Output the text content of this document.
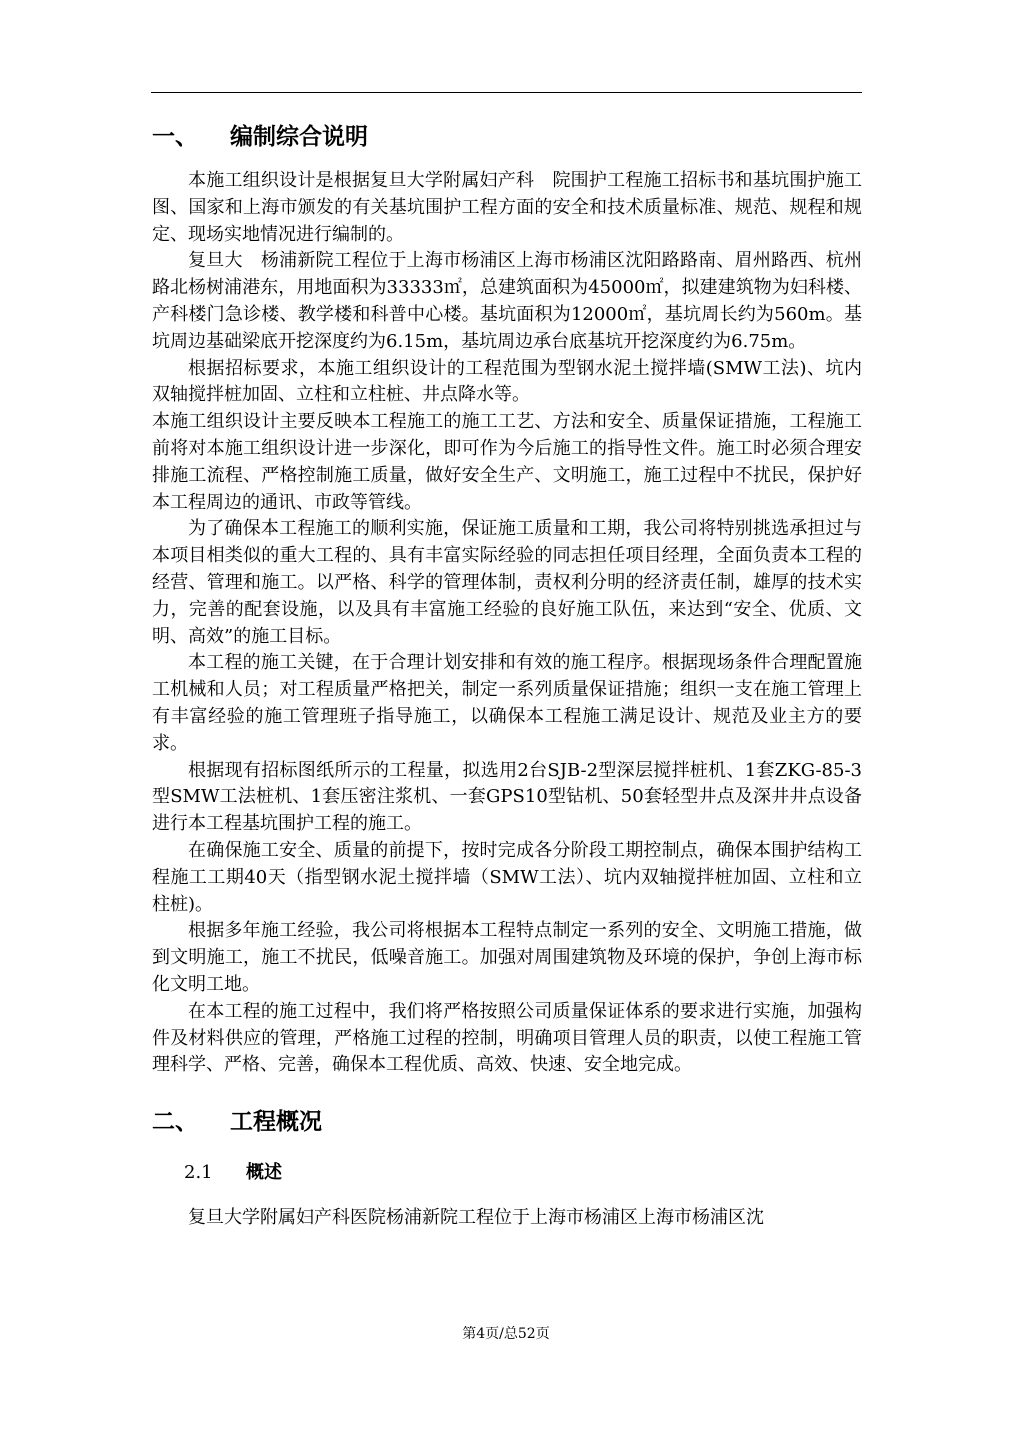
一、 编制综合说明

本施工组织设计是根据复旦大学附属妇产科　院围护工程施工招标书和基坑围护施工图、国家和上海市颁发的有关基坑围护工程方面的安全和技术质量标准、规范、规程和规定、现场实地情况进行编制的。

复旦大　杨浦新院工程位于上海市杨浦区上海市杨浦区沈阳路路南、眉州路西、杭州路北杨树浦港东，用地面积为33333㎡，总建筑面积为45000㎡，拟建建筑物为妇科楼、产科楼门急诊楼、教学楼和科普中心楼。基坑面积为12000㎡，基坑周长约为560m。基坑周边基础梁底开挖深度约为6.15m，基坑周边承台底基坑开挖深度约为6.75m。

根据招标要求，本施工组织设计的工程范围为型钢水泥土搅拌墙(SMW工法)、坑内双轴搅拌桩加固、立柱和立柱桩、井点降水等。

本施工组织设计主要反映本工程施工的施工工艺、方法和安全、质量保证措施，工程施工前将对本施工组织设计进一步深化，即可作为今后施工的指导性文件。施工时必须合理安排施工流程、严格控制施工质量，做好安全生产、文明施工，施工过程中不扰民，保护好本工程周边的通讯、市政等管线。

为了确保本工程施工的顺利实施，保证施工质量和工期，我公司将特别挑选承担过与本项目相类似的重大工程的、具有丰富实际经验的同志担任项目经理，全面负责本工程的经营、管理和施工。以严格、科学的管理体制，责权利分明的经济责任制，雄厚的技术实力，完善的配套设施，以及具有丰富施工经验的良好施工队伍，来达到“安全、优质、文明、高效”的施工目标。

本工程的施工关键，在于合理计划安排和有效的施工程序。根据现场条件合理配置施工机械和人员；对工程质量严格把关，制定一系列质量保证措施；组织一支在施工管理上有丰富经验的施工管理班子指导施工，以确保本工程施工满足设计、规范及业主方的要求。

根据现有招标图纸所示的工程量，拟选用2台SJB-2型深层搅拌桩机、1套ZKG-85-3型SMW工法桩机、1套压密注浆机、一套GPS10型钻机、50套轻型井点及深井井点设备进行本工程基坑围护工程的施工。

在确保施工安全、质量的前提下，按时完成各分阶段工期控制点，确保本围护结构工程施工工期40天（指型钢水泥土搅拌墙（SMW工法）、坑内双轴搅拌桩加固、立柱和立柱桩)。

根据多年施工经验，我公司将根据本工程特点制定一系列的安全、文明施工措施，做到文明施工，施工不扰民，低噪音施工。加强对周围建筑物及环境的保护，争创上海市标化文明工地。

在本工程的施工过程中，我们将严格按照公司质量保证体系的要求进行实施，加强构件及材料供应的管理，严格施工过程的控制，明确项目管理人员的职责，以使工程施工管理科学、严格、完善，确保本工程优质、高效、快速、安全地完成。

二、 工程概况
2.1 概述

复旦大学附属妇产科医院杨浦新院工程位于上海市杨浦区上海市杨浦区沈

第4页/总52页
